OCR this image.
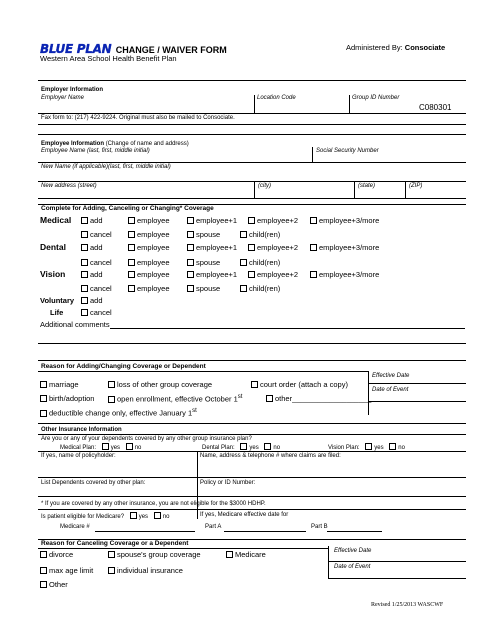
BLUE PLAN CHANGE / WAIVER FORM	Administered By: Consociate
Western Area School Health Benefit Plan
Employer Information
Employer Name	Location Code	Group ID Number
C080301
Fax form to: (217) 422-9224. Original must also be mailed to Consociate.
Employee Information (Change of name and address)
Employee Name (last, first, middle initial)	Social Security Number
New Name (if applicable)(last, first, middle initial)
New address (street)	(city)	(state)	(ZIP)
Complete for Adding, Canceling or Changing* Coverage
Medical	add	employee	employee+1	employee+2	employee+3/more
cancel	employee	spouse	child(ren)
Dental	add	employee	employee+1	employee+2	employee+3/more
cancel	employee	spouse	child(ren)
Vision	add	employee	employee+1	employee+2	employee+3/more
cancel	employee	spouse	child(ren)
Voluntary	add
Life	cancel
Additional comments
Reason for Adding/Changing Coverage or Dependent
Effective Date
Date of Event
marriage	loss of other group coverage	court order (attach a copy)
birth/adoption	open enrollment, effective October 1st	other___________________
deductible change only, effective January 1st
Other Insurance Information
Are you or any of your dependents covered by any other group insurance plan?
Medical Plan: yes no	Dental Plan: yes no	Vision Plan: yes no
If yes, name of policyholder:	Name, address & telephone # where claims are filed:
List Dependents covered by other plan:	Policy or ID Number:
* If you are covered by any other insurance, you are not eligible for the $3000 HDHP.
Is patient eligible for Medicare? yes no	If yes, Medicare effective date for
Medicare #	Part A	Part B
Reason for Canceling Coverage or a Dependent
Effective Date
Date of Event
divorce	spouse's group coverage	Medicare
max age limit	individual insurance
Other
Revised 1/25/2013 WASCWF
